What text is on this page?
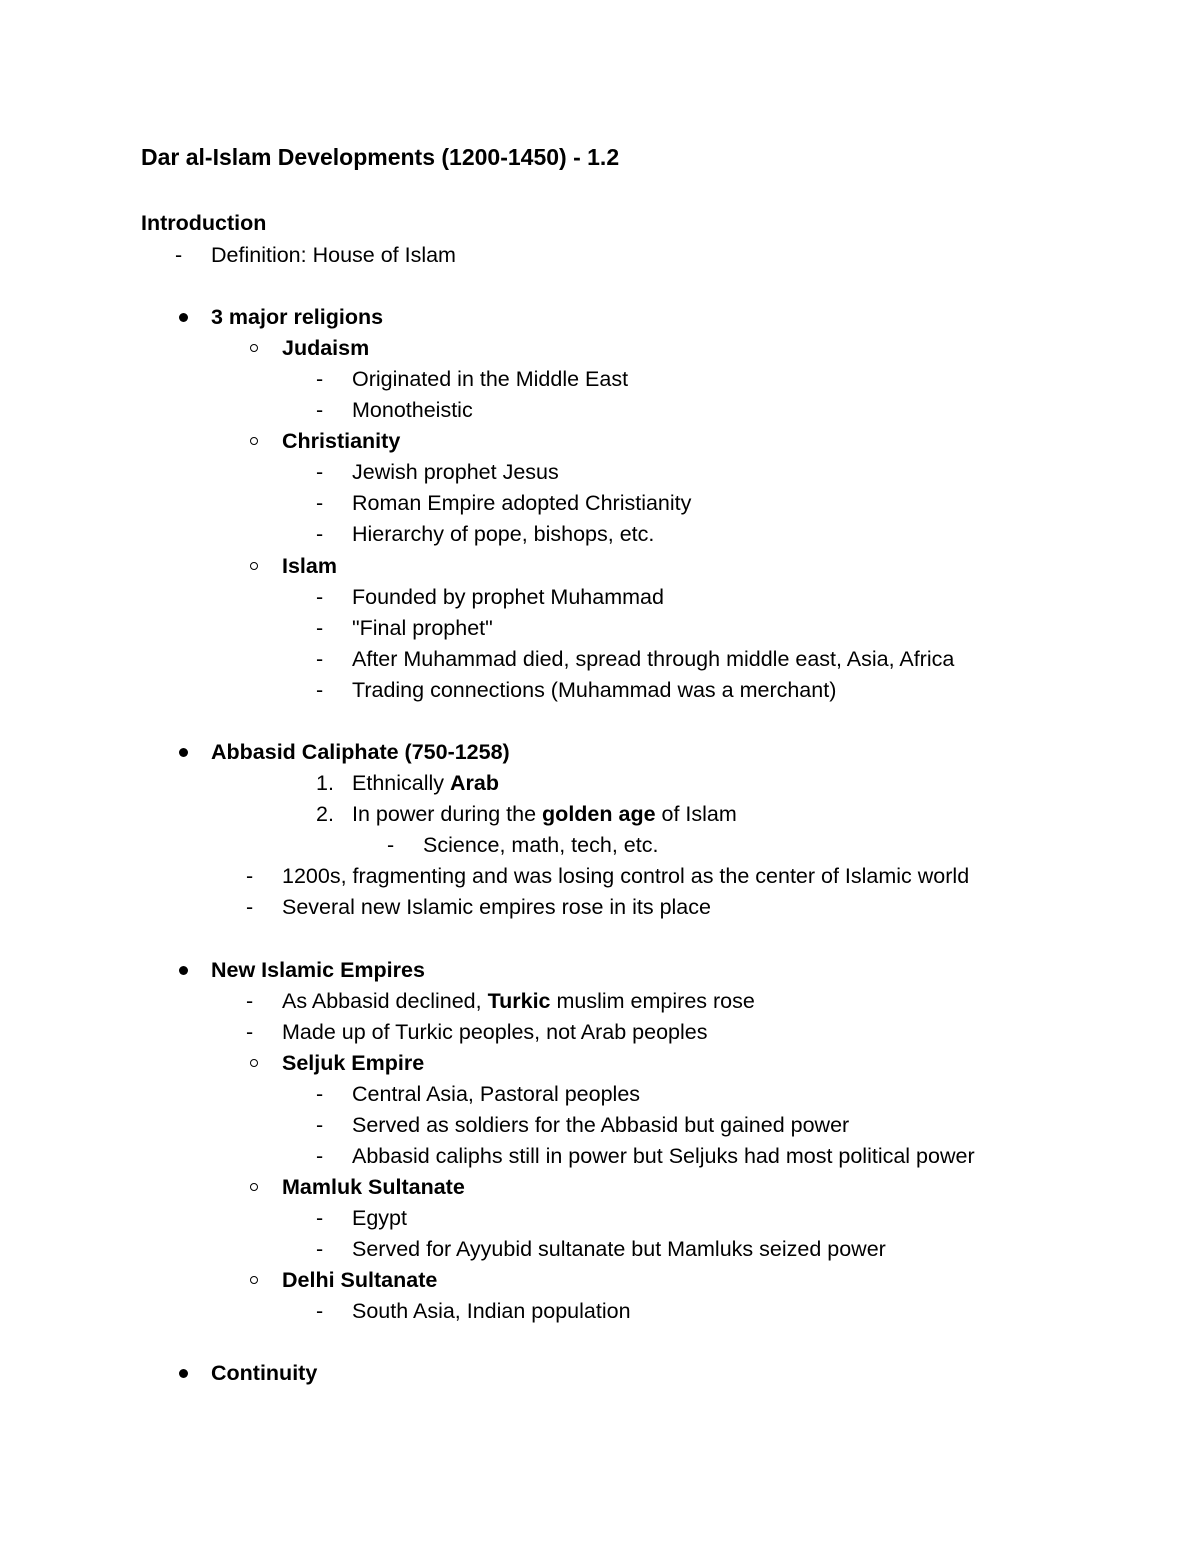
Dar al-Islam Developments (1200-1450) - 1.2
Introduction
- Definition: House of Islam
3 major religions
Judaism
- Originated in the Middle East
- Monotheistic
Christianity
- Jewish prophet Jesus
- Roman Empire adopted Christianity
- Hierarchy of pope, bishops, etc.
Islam
- Founded by prophet Muhammad
- "Final prophet"
- After Muhammad died, spread through middle east, Asia, Africa
- Trading connections (Muhammad was a merchant)
Abbasid Caliphate (750-1258)
1. Ethnically Arab
2. In power during the golden age of Islam
- Science, math, tech, etc.
- 1200s, fragmenting and was losing control as the center of Islamic world
- Several new Islamic empires rose in its place
New Islamic Empires
- As Abbasid declined, Turkic muslim empires rose
- Made up of Turkic peoples, not Arab peoples
Seljuk Empire
- Central Asia, Pastoral peoples
- Served as soldiers for the Abbasid but gained power
- Abbasid caliphs still in power but Seljuks had most political power
Mamluk Sultanate
- Egypt
- Served for Ayyubid sultanate but Mamluks seized power
Delhi Sultanate
- South Asia, Indian population
Continuity
